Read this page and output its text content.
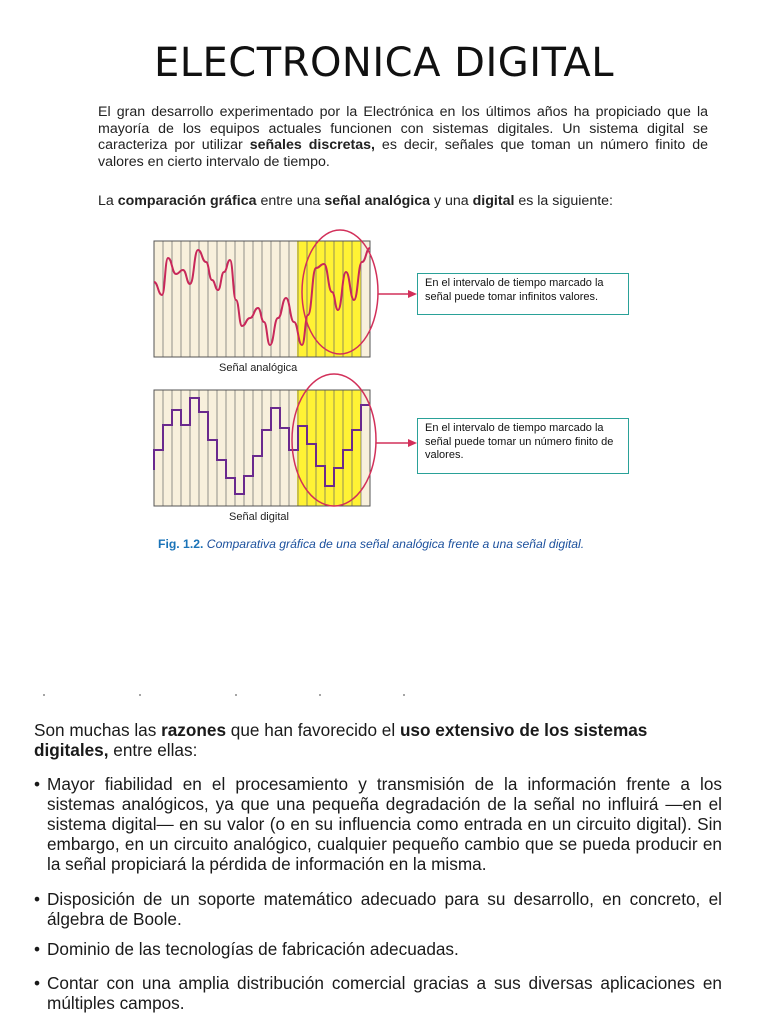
ELECTRONICA DIGITAL
El gran desarrollo experimentado por la Electrónica en los últimos años ha propiciado que la mayoría de los equipos actuales funcionen con sistemas digitales. Un sistema digital se caracteriza por utilizar señales discretas, es decir, señales que toman un número finito de valores en cierto intervalo de tiempo.
La comparación gráfica entre una señal analógica y una digital es la siguiente:
En el intervalo de tiempo marcado la señal puede tomar infinitos valores.
En el intervalo de tiempo marcado la señal puede tomar un número finito de valores.
Señal analógica
Señal digital
Fig. 1.2. Comparativa gráfica de una señal analógica frente a una señal digital.
Son muchas las razones que han favorecido el uso extensivo de los sistemas digitales, entre ellas:
• Mayor fiabilidad en el procesamiento y transmisión de la información frente a los sistemas analógicos, ya que una pequeña degradación de la señal no influirá —en el sistema digital— en su valor (o en su influencia como entrada en un circuito digital). Sin embargo, en un circuito analógico, cualquier pequeño cambio que se pueda producir en la señal propiciará la pérdida de información en la misma.
• Disposición de un soporte matemático adecuado para su desarrollo, en concreto, el álgebra de Boole.
• Dominio de las tecnologías de fabricación adecuadas.
• Contar con una amplia distribución comercial gracias a sus diversas aplicaciones en múltiples campos.
